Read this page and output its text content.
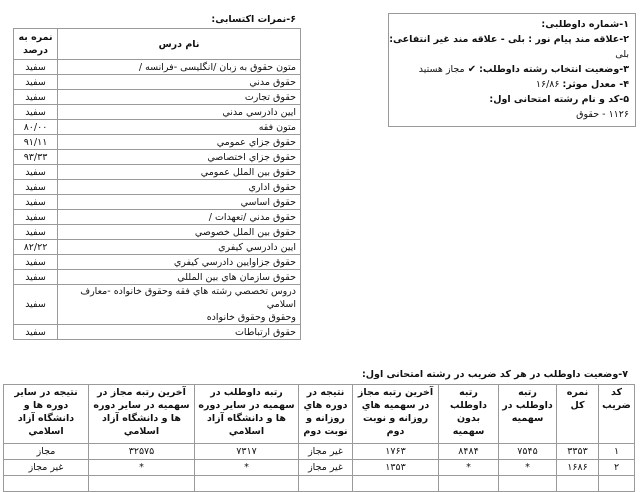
۱-شماره داوطلبی:
۲-علاقه مند پیام نور : بلی - علاقه مند غیر انتفاعی:
بلی
۳-وضعیت انتخاب رشته داوطلب: ✔ مجاز هستید
۴- معدل موثر: ۱۶/۸۶
۵-کد و نام رشته امتحانی اول:
۱۱۲۶ - حقوق
۶-نمرات اکتسابی:
نام درس	نمره به
درصد
متون حقوق به زبان /انگلیسی -فرانسه /	سفید
حقوق مدني	سفید
حقوق تجارت	سفید
ایین دادرسي مدني	سفید
متون فقه	۸۰/۰۰
حقوق جزاي عمومي	۹۱/۱۱
حقوق جزاي اختصاصي	۹۳/۳۳
حقوق بين الملل عمومي	سفید
حقوق اداري	سفید
حقوق اساسي	سفید
حقوق مدني /تعهدات /	سفید
حقوق بين الملل خصوصي	سفید
ایين دادرسي کيفري	۸۲/۲۲
حقوق جزاوایين دادرسي کيفري	سفید
حقوق سازمان هاي بين المللي	سفید
دروس تخصصي رشته هاي فقه وحقوق خانواده -معارف اسلامي
وحقوق وحقوق خانواده	سفید
حقوق ارتباطات	سفید
۷-وضعیت داوطلب در هر کد ضریب در رشته امتحانی اول:
کد ضريب	نمره کل	رتبه داوطلب در سهمیه	رتبه داوطلب بدون سهميه	آخرين رتبه مجاز در سهمیه هاي روزانه و نوبت دوم	نتیجه در دوره هاي روزانه و نوبت دوم	رتبه داوطلب در سهمیه در ساير دوره ها و دانشگاه آزاد اسلامي	آخرين رتبه مجاز در سهمیه در ساير دوره ها و دانشگاه آزاد اسلامي	نتیجه در ساير دوره ها و دانشگاه آزاد اسلامي
۱	۳۳۵۳	۷۵۴۵	۸۴۸۴	۱۷۶۳	غیر مجاز	۷۳۱۷	۳۲۵۷۵	مجاز
۲	۱۶۸۶	*	*	۱۳۵۳	غیر مجاز	*	*	غیر مجاز
